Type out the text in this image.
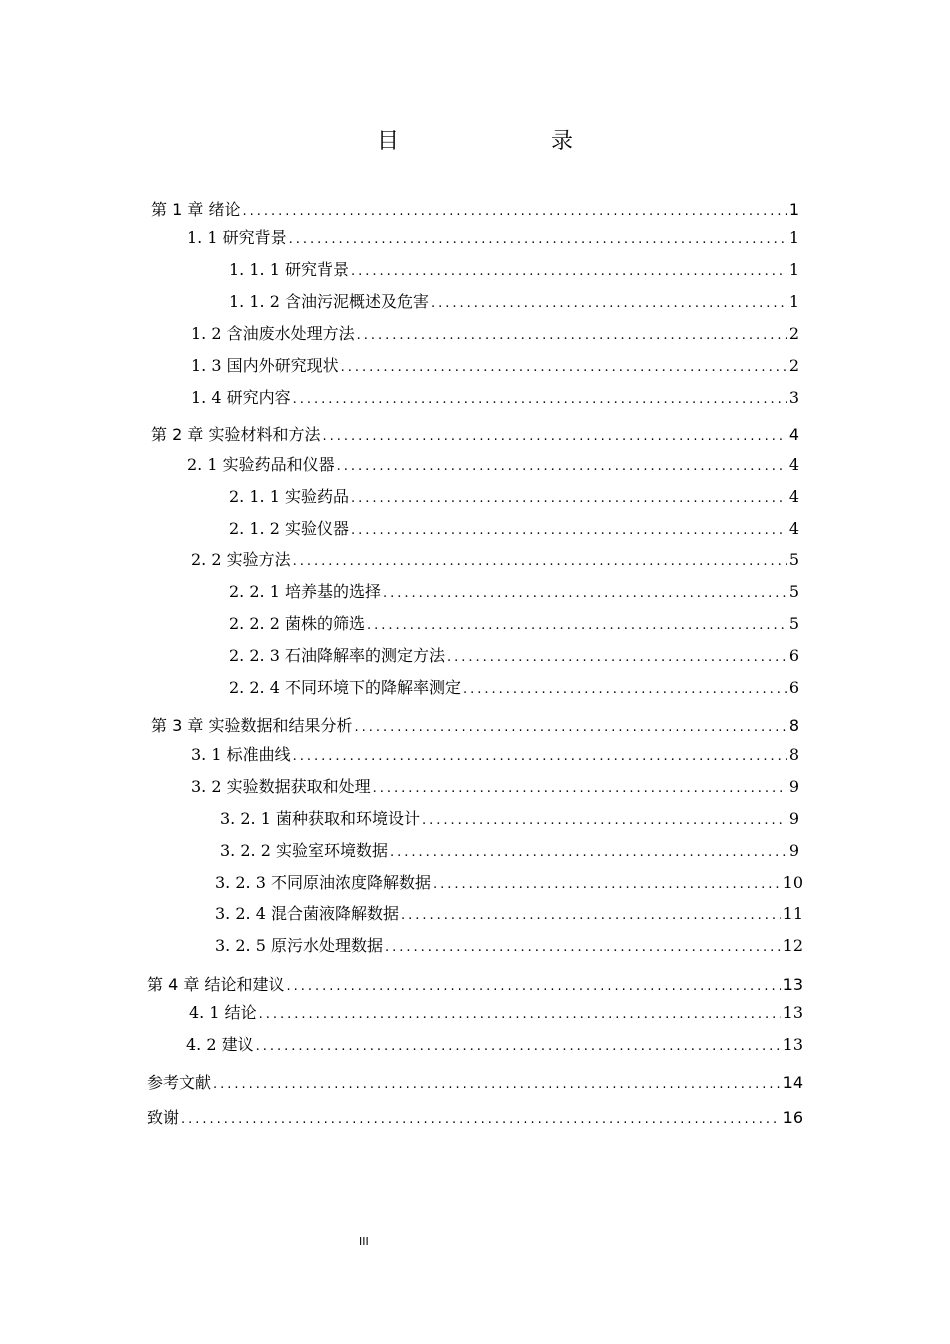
目　　录
第 1 章 绪论 .....	1
1. 1 研究背景 .....	1
1. 1. 1 研究背景 .....	1
1. 1. 2 含油污泥概述及危害 .....	1
1. 2 含油废水处理方法 .....	2
1. 3 国内外研究现状 .....	2
1. 4 研究内容 .....	3
第 2 章 实验材料和方法 .....	4
2. 1 实验药品和仪器 .....	4
2. 1. 1 实验药品 .....	4
2. 1. 2 实验仪器 .....	4
2. 2 实验方法 .....	5
2. 2. 1 培养基的选择 .....	5
2. 2. 2 菌株的筛选 .....	5
2. 2. 3 石油降解率的测定方法 .....	6
2. 2. 4 不同环境下的降解率测定 .....	6
第 3 章 实验数据和结果分析 .....	8
3. 1 标准曲线 .....	8
3. 2 实验数据获取和处理 .....	9
3. 2. 1 菌种获取和环境设计 .....	9
3. 2. 2 实验室环境数据 .....	9
3. 2. 3 不同原油浓度降解数据 .....	10
3. 2. 4 混合菌液降解数据 .....	11
3. 2. 5 原污水处理数据 .....	12
第 4 章 结论和建议 .....	13
4. 1 结论 .....	13
4. 2 建议 .....	13
参考文献 .....	14
致谢 .....	16
III
